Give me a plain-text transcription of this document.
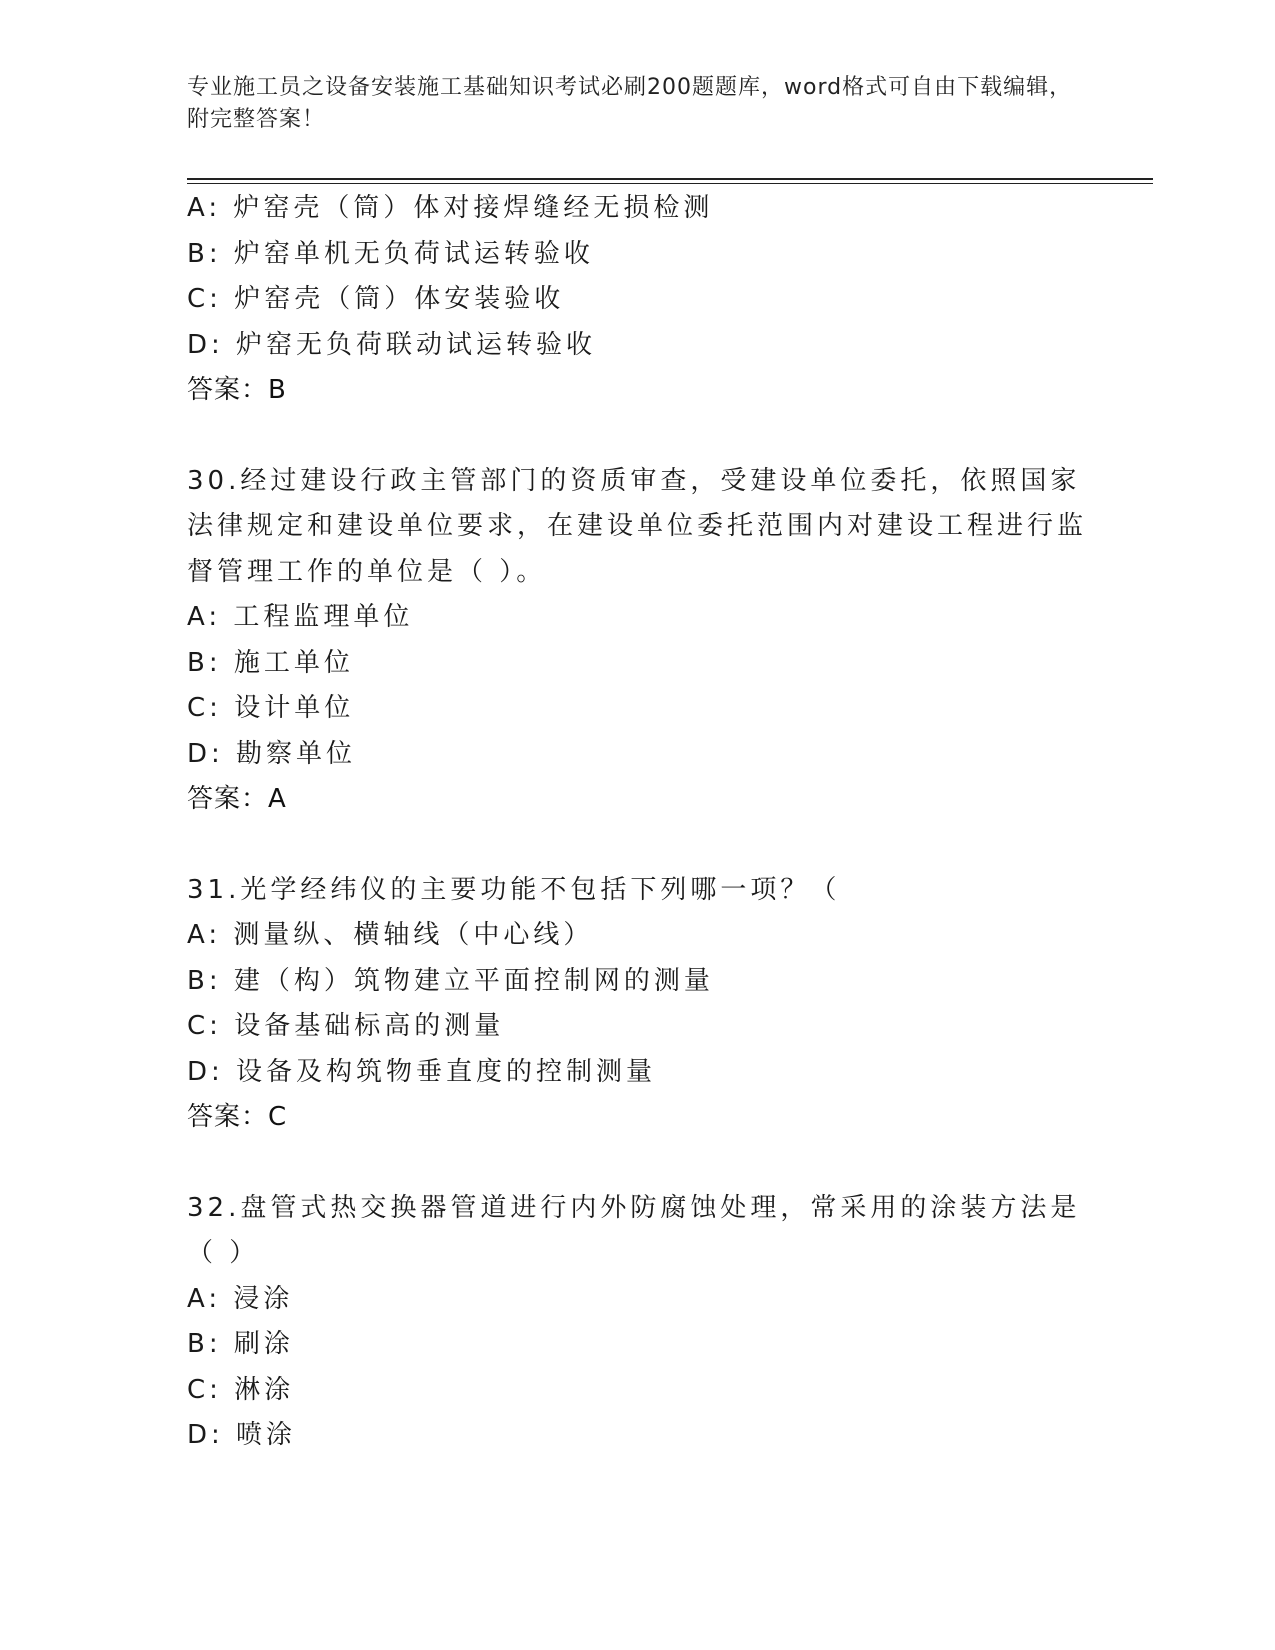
专业施工员之设备安装施工基础知识考试必刷200题题库，word格式可自由下载编辑，附完整答案！
A: 炉窑壳（筒）体对接焊缝经无损检测
B: 炉窑单机无负荷试运转验收
C: 炉窑壳（筒）体安装验收
D: 炉窑无负荷联动试运转验收
答案：B
30.经过建设行政主管部门的资质审查，受建设单位委托，依照国家法律规定和建设单位要求，在建设单位委托范围内对建设工程进行监督管理工作的单位是（ ）。
A: 工程监理单位
B: 施工单位
C: 设计单位
D: 勘察单位
答案：A
31.光学经纬仪的主要功能不包括下列哪一项？（
A: 测量纵、横轴线（中心线）
B: 建（构）筑物建立平面控制网的测量
C: 设备基础标高的测量
D: 设备及构筑物垂直度的控制测量
答案：C
32.盘管式热交换器管道进行内外防腐蚀处理，常采用的涂装方法是（ ）
A: 浸涂
B: 刷涂
C: 淋涂
D: 喷涂
